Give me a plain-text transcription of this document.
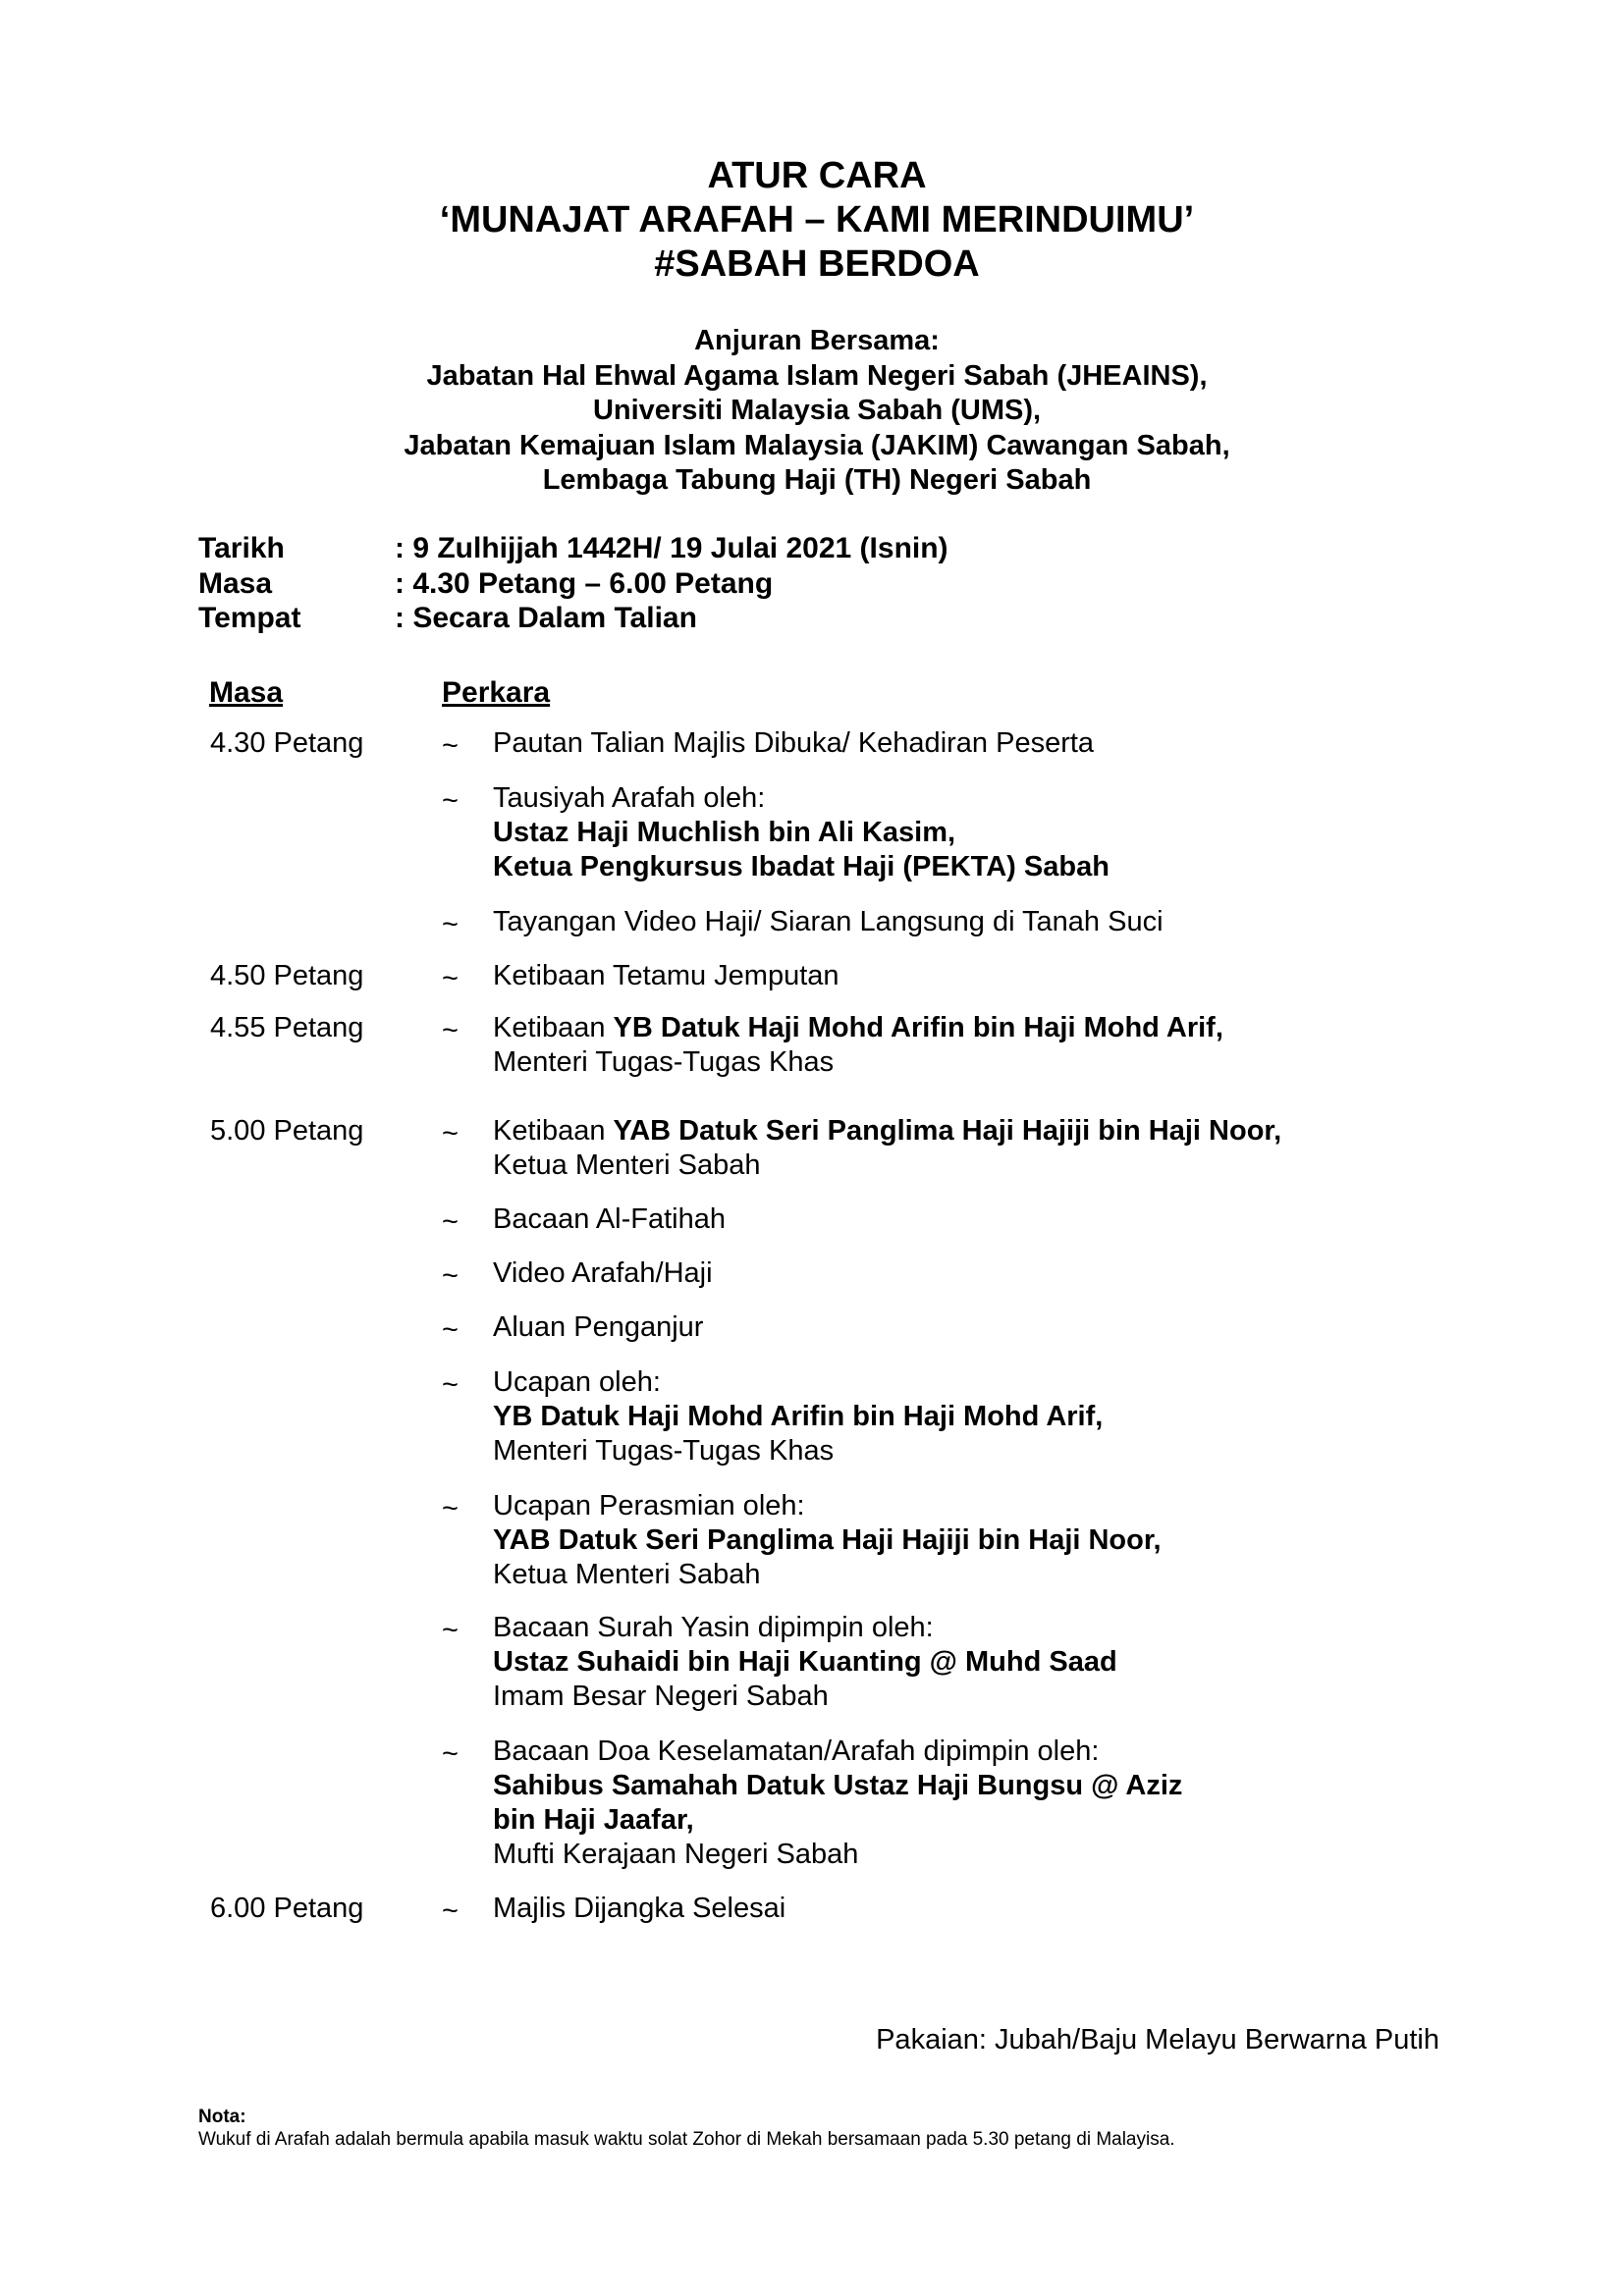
ATUR CARA
‘MUNAJAT ARAFAH – KAMI MERINDUIMU’
#SABAH BERDOA
Anjuran Bersama:
Jabatan Hal Ehwal Agama Islam Negeri Sabah (JHEAINS),
Universiti Malaysia Sabah (UMS),
Jabatan Kemajuan Islam Malaysia (JAKIM) Cawangan Sabah,
Lembaga Tabung Haji (TH) Negeri Sabah
Tarikh	: 9 Zulhijjah 1442H/ 19 Julai 2021 (Isnin)
Masa	: 4.30 Petang – 6.00 Petang
Tempat	: Secara Dalam Talian
Masa	Perkara
4.30 Petang	~ Pautan Talian Majlis Dibuka/ Kehadiran Peserta
~ Tausiyah Arafah oleh:
Ustaz Haji Muchlish bin Ali Kasim,
Ketua Pengkursus Ibadat Haji (PEKTA) Sabah
~ Tayangan Video Haji/ Siaran Langsung di Tanah Suci
4.50 Petang	~ Ketibaan Tetamu Jemputan
4.55 Petang	~ Ketibaan YB Datuk Haji Mohd Arifin bin Haji Mohd Arif,
Menteri Tugas-Tugas Khas
5.00 Petang	~ Ketibaan YAB Datuk Seri Panglima Haji Hajiji bin Haji Noor,
Ketua Menteri Sabah
~ Bacaan Al-Fatihah
~ Video Arafah/Haji
~ Aluan Penganjur
~ Ucapan oleh:
YB Datuk Haji Mohd Arifin bin Haji Mohd Arif,
Menteri Tugas-Tugas Khas
~ Ucapan Perasmian oleh:
YAB Datuk Seri Panglima Haji Hajiji bin Haji Noor,
Ketua Menteri Sabah
~ Bacaan Surah Yasin dipimpin oleh:
Ustaz Suhaidi bin Haji Kuanting @ Muhd Saad
Imam Besar Negeri Sabah
~ Bacaan Doa Keselamatan/Arafah dipimpin oleh:
Sahibus Samahah Datuk Ustaz Haji Bungsu @ Aziz
bin Haji Jaafar,
Mufti Kerajaan Negeri Sabah
6.00 Petang	~ Majlis Dijangka Selesai
Pakaian: Jubah/Baju Melayu Berwarna Putih
Nota:
Wukuf di Arafah adalah bermula apabila masuk waktu solat Zohor di Mekah bersamaan pada 5.30 petang di Malayisa.
